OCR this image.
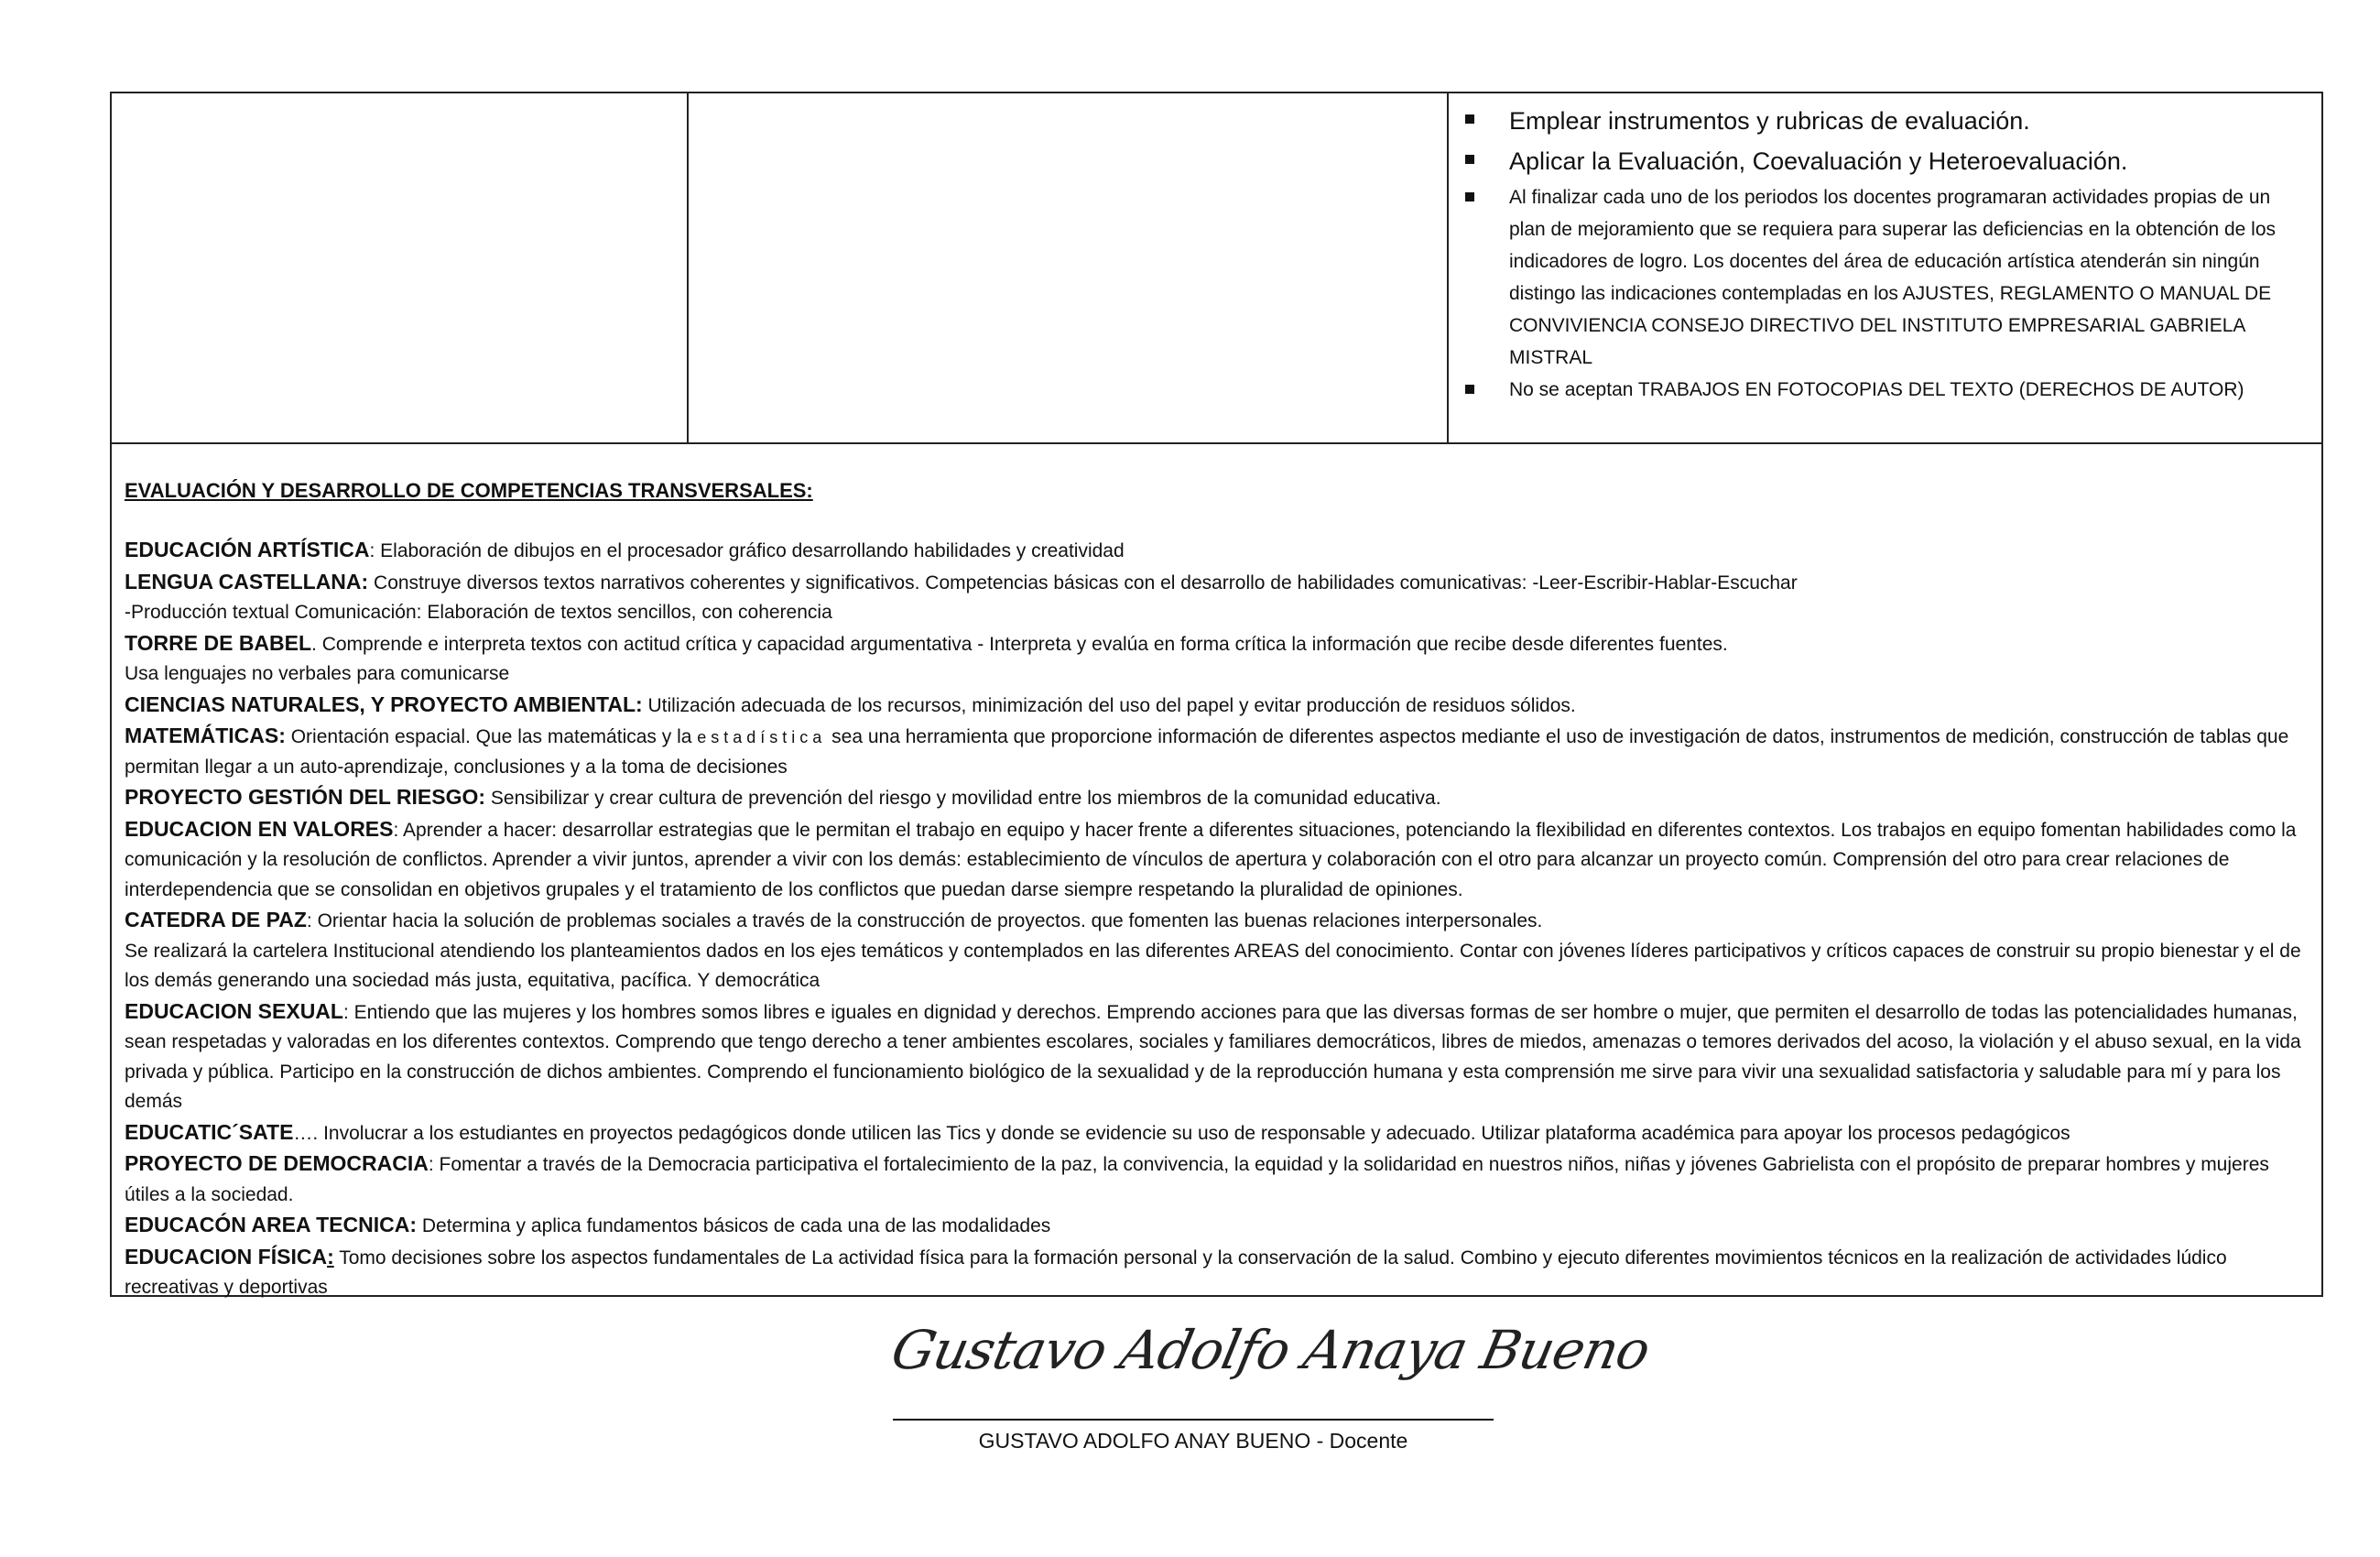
Emplear instrumentos y rubricas de evaluación.
Aplicar la Evaluación, Coevaluación y Heteroevaluación.
Al finalizar cada uno de los periodos los docentes programaran actividades propias de un plan de mejoramiento que se requiera para superar las deficiencias en la obtención de los indicadores de logro. Los docentes del área de educación artística atenderán sin ningún distingo las indicaciones contempladas en los AJUSTES, REGLAMENTO O MANUAL DE CONVIVIENCIA CONSEJO DIRECTIVO DEL INSTITUTO EMPRESARIAL GABRIELA MISTRAL
No se aceptan TRABAJOS EN FOTOCOPIAS DEL TEXTO (DERECHOS DE AUTOR)
EVALUACIÓN Y DESARROLLO DE COMPETENCIAS TRANSVERSALES:
EDUCACIÓN ARTÍSTICA: Elaboración de dibujos en el procesador gráfico desarrollando habilidades y creatividad
LENGUA CASTELLANA: Construye diversos textos narrativos coherentes y significativos. Competencias básicas con el desarrollo de habilidades comunicativas: -Leer-Escribir-Hablar-Escuchar
-Producción textual Comunicación: Elaboración de textos sencillos, con coherencia
TORRE DE BABEL. Comprende e interpreta textos con actitud crítica y capacidad argumentativa - Interpreta y evalúa en forma crítica la información que recibe desde diferentes fuentes.
Usa lenguajes no verbales para comunicarse
CIENCIAS NATURALES, Y PROYECTO AMBIENTAL: Utilización adecuada de los recursos, minimización del uso del papel y evitar producción de residuos sólidos.
MATEMÁTICAS: Orientación espacial. Que las matemáticas y la estadística sea una herramienta que proporcione información de diferentes aspectos mediante el uso de investigación de datos, instrumentos de medición, construcción de tablas que permitan llegar a un auto-aprendizaje, conclusiones y a la toma de decisiones
PROYECTO GESTIÓN DEL RIESGO: Sensibilizar y crear cultura de prevención del riesgo y movilidad entre los miembros de la comunidad educativa.
EDUCACION EN VALORES: Aprender a hacer: desarrollar estrategias que le permitan el trabajo en equipo y hacer frente a diferentes situaciones, potenciando la flexibilidad en diferentes contextos. Los trabajos en equipo fomentan habilidades como la comunicación y la resolución de conflictos. Aprender a vivir juntos, aprender a vivir con los demás: establecimiento de vínculos de apertura y colaboración con el otro para alcanzar un proyecto común. Comprensión del otro para crear relaciones de interdependencia que se consolidan en objetivos grupales y el tratamiento de los conflictos que puedan darse siempre respetando la pluralidad de opiniones.
CATEDRA DE PAZ: Orientar hacia la solución de problemas sociales a través de la construcción de proyectos. que fomenten las buenas relaciones interpersonales.
Se realizará la cartelera Institucional atendiendo los planteamientos dados en los ejes temáticos y contemplados en las diferentes AREAS del conocimiento. Contar con jóvenes líderes participativos y críticos capaces de construir su propio bienestar y el de los demás generando una sociedad más justa, equitativa, pacífica. Y democrática
EDUCACION SEXUAL: Entiendo que las mujeres y los hombres somos libres e iguales en dignidad y derechos. Emprendo acciones para que las diversas formas de ser hombre o mujer, que permiten el desarrollo de todas las potencialidades humanas, sean respetadas y valoradas en los diferentes contextos. Comprendo que tengo derecho a tener ambientes escolares, sociales y familiares democráticos, libres de miedos, amenazas o temores derivados del acoso, la violación y el abuso sexual, en la vida privada y pública. Participo en la construcción de dichos ambientes. Comprendo el funcionamiento biológico de la sexualidad y de la reproducción humana y esta comprensión me sirve para vivir una sexualidad satisfactoria y saludable para mí y para los demás
EDUCATIC´SATE…. Involucrar a los estudiantes en proyectos pedagógicos donde utilicen las Tics y donde se evidencie su uso de responsable y adecuado. Utilizar plataforma académica para apoyar los procesos pedagógicos
PROYECTO DE DEMOCRACIA: Fomentar a través de la Democracia participativa el fortalecimiento de la paz, la convivencia, la equidad y la solidaridad en nuestros niños, niñas y jóvenes Gabrielista con el propósito de preparar hombres y mujeres útiles a la sociedad.
EDUCACÓN AREA TECNICA: Determina y aplica fundamentos básicos de cada una de las modalidades
EDUCACION FÍSICA: Tomo decisiones sobre los aspectos fundamentales de La actividad física para la formación personal y la conservación de la salud. Combino y ejecuto diferentes movimientos técnicos en la realización de actividades lúdico recreativas y deportivas
Gustavo Adolfo Anaya Bueno
GUSTAVO ADOLFO ANAY BUENO - Docente
